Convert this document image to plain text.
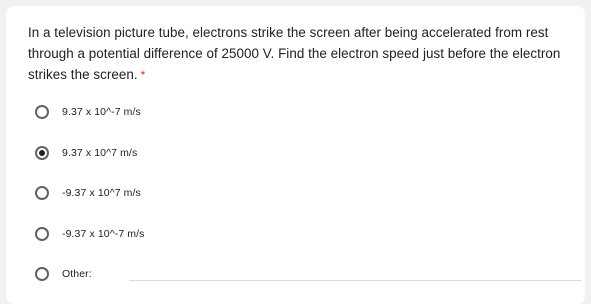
In a television picture tube, electrons strike the screen after being accelerated from rest through a potential difference of 25000 V. Find the electron speed just before the electron strikes the screen. *
9.37 x 10^-7 m/s
9.37 x 10^7 m/s
-9.37 x 10^7 m/s
-9.37 x 10^-7 m/s
Other:
